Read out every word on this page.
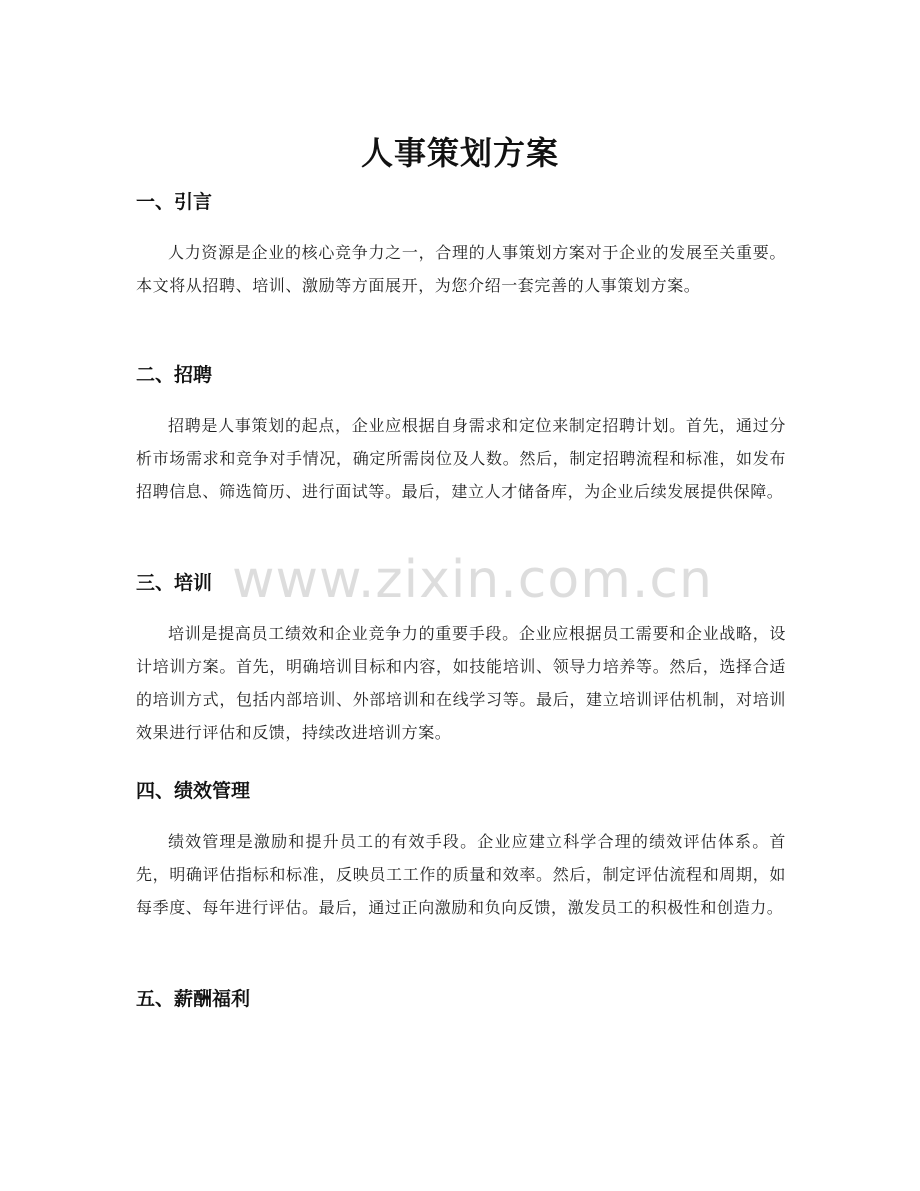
人事策划方案
一、引言

人力资源是企业的核心竞争力之一，合理的人事策划方案对于企业的发展至关重要。本文将从招聘、培训、激励等方面展开，为您介绍一套完善的人事策划方案。

二、招聘

招聘是人事策划的起点，企业应根据自身需求和定位来制定招聘计划。首先，通过分析市场需求和竞争对手情况，确定所需岗位及人数。然后，制定招聘流程和标准，如发布招聘信息、筛选简历、进行面试等。最后，建立人才储备库，为企业后续发展提供保障。

三、培训

培训是提高员工绩效和企业竞争力的重要手段。企业应根据员工需要和企业战略，设计培训方案。首先，明确培训目标和内容，如技能培训、领导力培养等。然后，选择合适的培训方式，包括内部培训、外部培训和在线学习等。最后，建立培训评估机制，对培训效果进行评估和反馈，持续改进培训方案。

四、绩效管理

绩效管理是激励和提升员工的有效手段。企业应建立科学合理的绩效评估体系。首先，明确评估指标和标准，反映员工工作的质量和效率。然后，制定评估流程和周期，如每季度、每年进行评估。最后，通过正向激励和负向反馈，激发员工的积极性和创造力。

五、薪酬福利
www.zixin.com.cn
